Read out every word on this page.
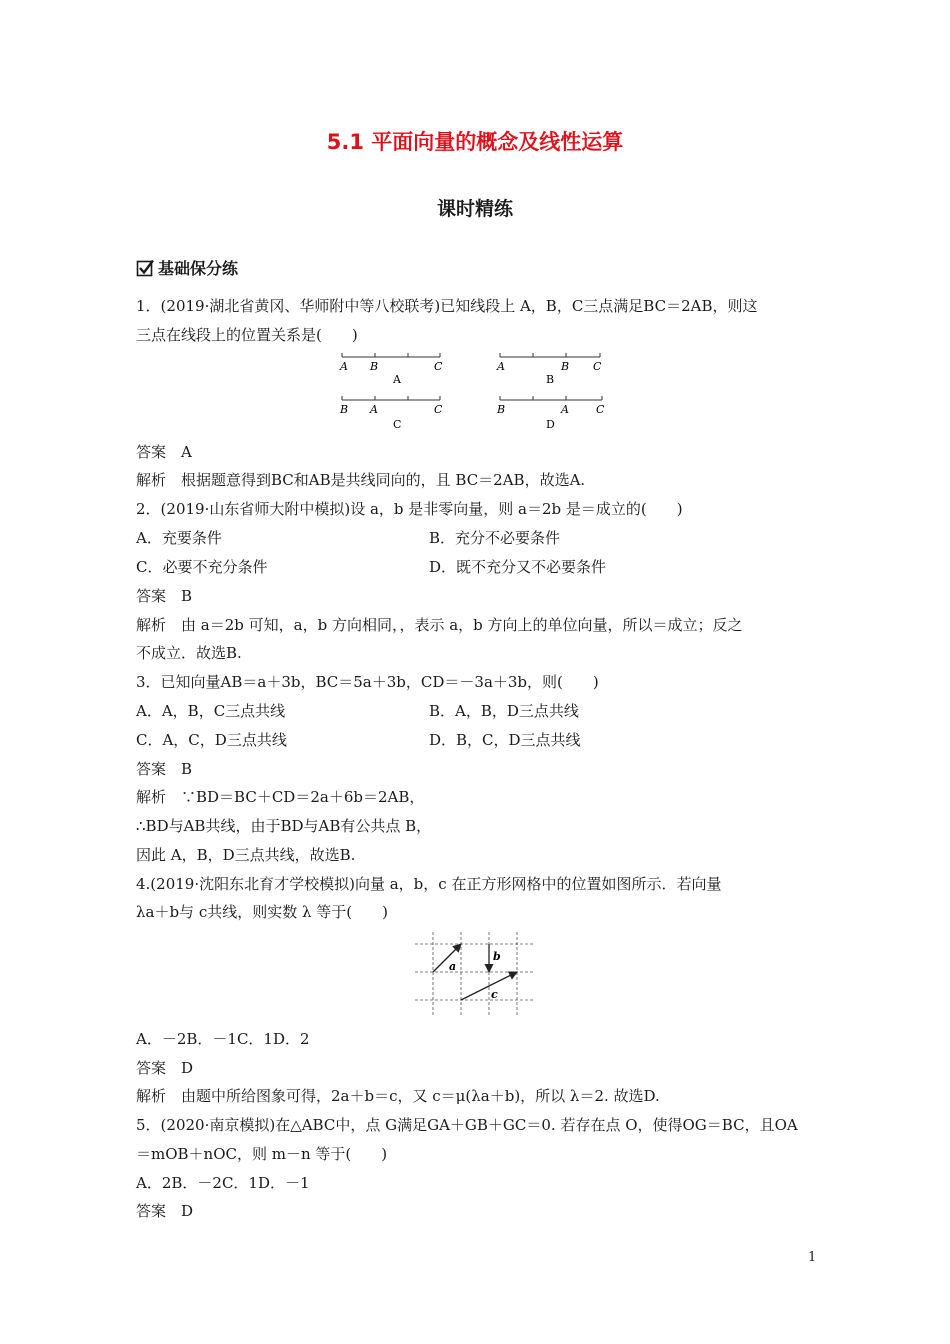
5.1 平面向量的概念及线性运算
课时精练
基础保分练
1．(2019·湖北省黄冈、华师附中等八校联考)已知线段上 A，B，C三点满足BC＝2AB，则这
三点在线段上的位置关系是(　　)
A B	C
A
A	B C
B
B A	C
C
B	A C
D
答案　A
解析　根据题意得到BC和AB是共线同向的，且 BC＝2AB，故选A.
2．(2019·山东省师大附中模拟)设 a，b 是非零向量，则 a＝2b 是＝成立的(　　)
A．充要条件	B．充分不必要条件
C．必要不充分条件	D．既不充分又不必要条件
答案　B
解析　由 a＝2b 可知，a，b 方向相同，，表示 a，b 方向上的单位向量，所以＝成立；反之
不成立．故选B.
3．已知向量AB＝a＋3b，BC＝5a＋3b，CD＝－3a＋3b，则(　　)
A．A，B，C三点共线	B．A，B，D三点共线
C．A，C，D三点共线	D．B，C，D三点共线
答案　B
解析　∵BD＝BC＋CD＝2a＋6b＝2AB，
∴BD与AB共线，由于BD与AB有公共点 B，
因此 A，B，D三点共线，故选B.
4.(2019·沈阳东北育才学校模拟)向量 a，b，c 在正方形网格中的位置如图所示．若向量
λa＋b与 c共线，则实数 λ 等于(　　)
a
b
c
A．－2B．－1C．1D．2
答案　D
解析　由题中所给图象可得，2a＋b＝c，又 c＝μ(λa＋b)，所以 λ＝2. 故选D.
5．(2020·南京模拟)在△ABC中，点 G满足GA＋GB＋GC＝0. 若存在点 O，使得OG＝BC，且OA
＝mOB＋nOC，则 m－n 等于(　　)
A．2B．－2C．1D．－1
答案　D
1
